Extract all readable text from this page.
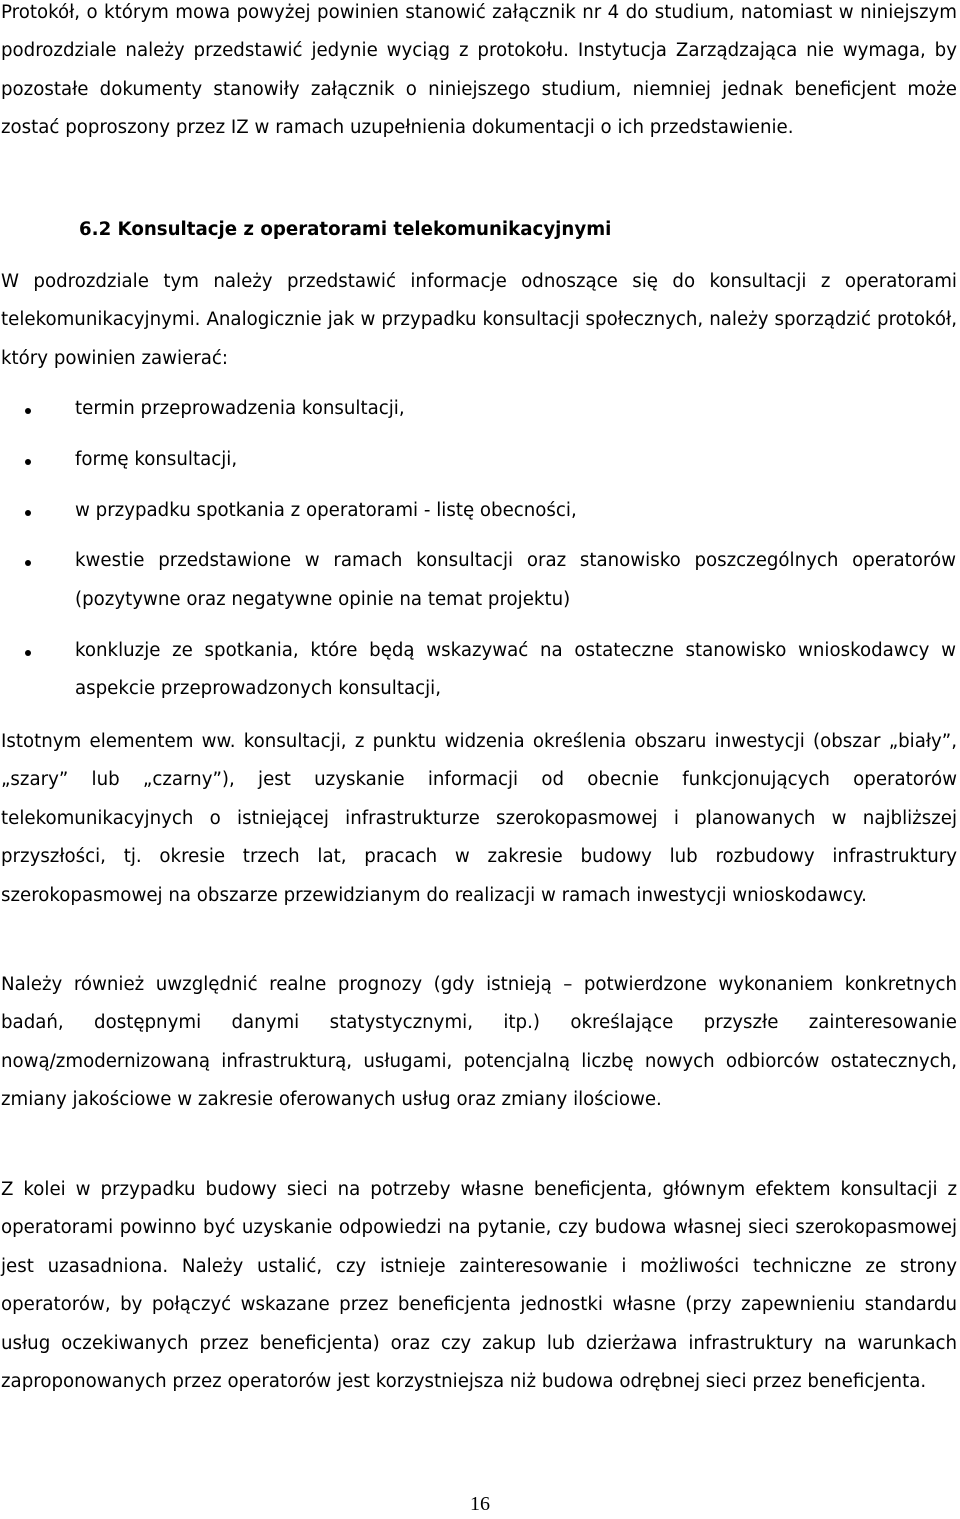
Protokół, o którym mowa powyżej powinien stanowić załącznik nr 4 do studium, natomiast w niniejszym podrozdziale należy przedstawić jedynie wyciąg z protokołu. Instytucja Zarządzająca nie wymaga, by pozostałe dokumenty stanowiły załącznik o niniejszego studium, niemniej jednak beneficjent może zostać poproszony przez IZ w ramach uzupełnienia dokumentacji o ich przedstawienie.

6.2 Konsultacje z operatorami telekomunikacyjnymi

W podrozdziale tym należy przedstawić informacje odnoszące się do konsultacji z operatorami telekomunikacyjnymi. Analogicznie jak w przypadku konsultacji społecznych, należy sporządzić protokół, który powinien zawierać:

termin przeprowadzenia konsultacji,
formę konsultacji,
w przypadku spotkania z operatorami - listę obecności,
kwestie przedstawione w ramach konsultacji oraz stanowisko poszczególnych operatorów (pozytywne oraz negatywne opinie na temat projektu)
konkluzje ze spotkania, które będą wskazywać na ostateczne stanowisko wnioskodawcy w aspekcie przeprowadzonych konsultacji,

Istotnym elementem ww. konsultacji, z punktu widzenia określenia obszaru inwestycji (obszar „biały”, „szary” lub „czarny”), jest uzyskanie informacji od obecnie funkcjonujących operatorów telekomunikacyjnych o istniejącej infrastrukturze szerokopasmowej i planowanych w najbliższej przyszłości, tj. okresie trzech lat, pracach w zakresie budowy lub rozbudowy infrastruktury szerokopasmowej na obszarze przewidzianym do realizacji w ramach inwestycji wnioskodawcy.

Należy również uwzględnić realne prognozy (gdy istnieją – potwierdzone wykonaniem konkretnych badań, dostępnymi danymi statystycznymi, itp.) określające przyszłe zainteresowanie nową/zmodernizowaną infrastrukturą, usługami, potencjalną liczbę nowych odbiorców ostatecznych, zmiany jakościowe w zakresie oferowanych usług oraz zmiany ilościowe.

Z kolei w przypadku budowy sieci na potrzeby własne beneficjenta, głównym efektem konsultacji z operatorami powinno być uzyskanie odpowiedzi na pytanie, czy budowa własnej sieci szerokopasmowej jest uzasadniona. Należy ustalić, czy istnieje zainteresowanie i możliwości techniczne ze strony operatorów, by połączyć wskazane przez beneficjenta jednostki własne (przy zapewnieniu standardu usług oczekiwanych przez beneficjenta) oraz czy zakup lub dzierżawa infrastruktury na warunkach zaproponowanych przez operatorów jest korzystniejsza niż budowa odrębnej sieci przez beneficjenta.

16
